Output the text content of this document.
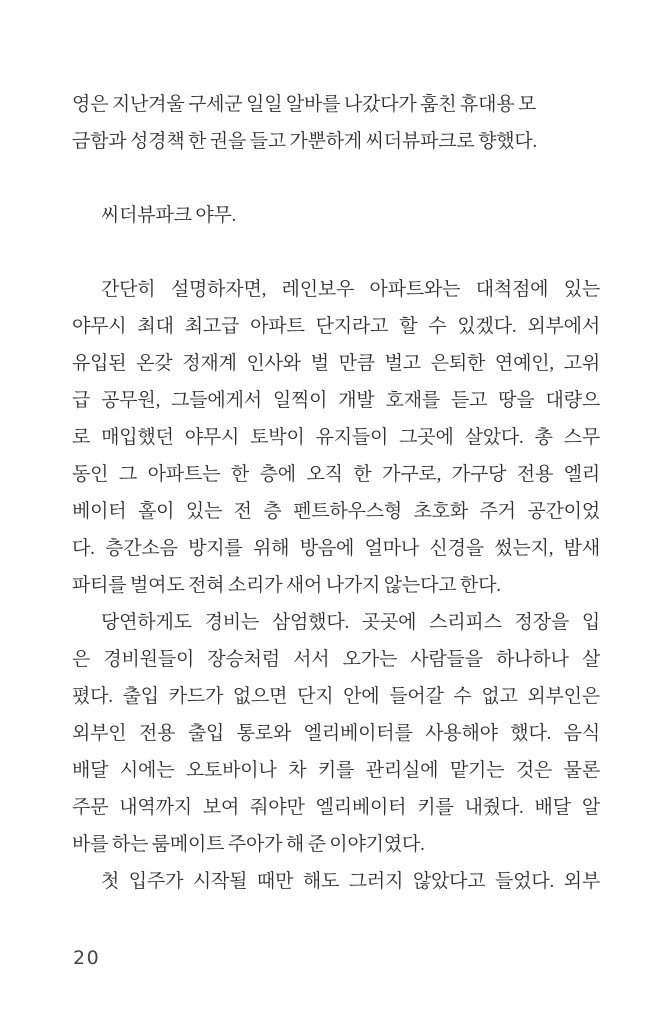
영은 지난겨울 구세군 일일 알바를 나갔다가 훔친 휴대용 모
금함과 성경책 한 권을 들고 가뿐하게 씨더뷰파크로 향했다.
씨더뷰파크 야무.
간단히 설명하자면, 레인보우 아파트와는 대척점에 있는
야무시 최대 최고급 아파트 단지라고 할 수 있겠다. 외부에서
유입된 온갖 정재계 인사와 벌 만큼 벌고 은퇴한 연예인, 고위
급 공무원, 그들에게서 일찍이 개발 호재를 듣고 땅을 대량으
로 매입했던 야무시 토박이 유지들이 그곳에 살았다. 총 스무
동인 그 아파트는 한 층에 오직 한 가구로, 가구당 전용 엘리
베이터 홀이 있는 전 층 펜트하우스형 초호화 주거 공간이었
다. 층간소음 방지를 위해 방음에 얼마나 신경을 썼는지, 밤새
파티를 벌여도 전혀 소리가 새어 나가지 않는다고 한다.
당연하게도 경비는 삼엄했다. 곳곳에 스리피스 정장을 입
은 경비원들이 장승처럼 서서 오가는 사람들을 하나하나 살
폈다. 출입 카드가 없으면 단지 안에 들어갈 수 없고 외부인은
외부인 전용 출입 통로와 엘리베이터를 사용해야 했다. 음식
배달 시에는 오토바이나 차 키를 관리실에 맡기는 것은 물론
주문 내역까지 보여 줘야만 엘리베이터 키를 내줬다. 배달 알
바를 하는 룸메이트 주아가 해 준 이야기였다.
첫 입주가 시작될 때만 해도 그러지 않았다고 들었다. 외부
20
